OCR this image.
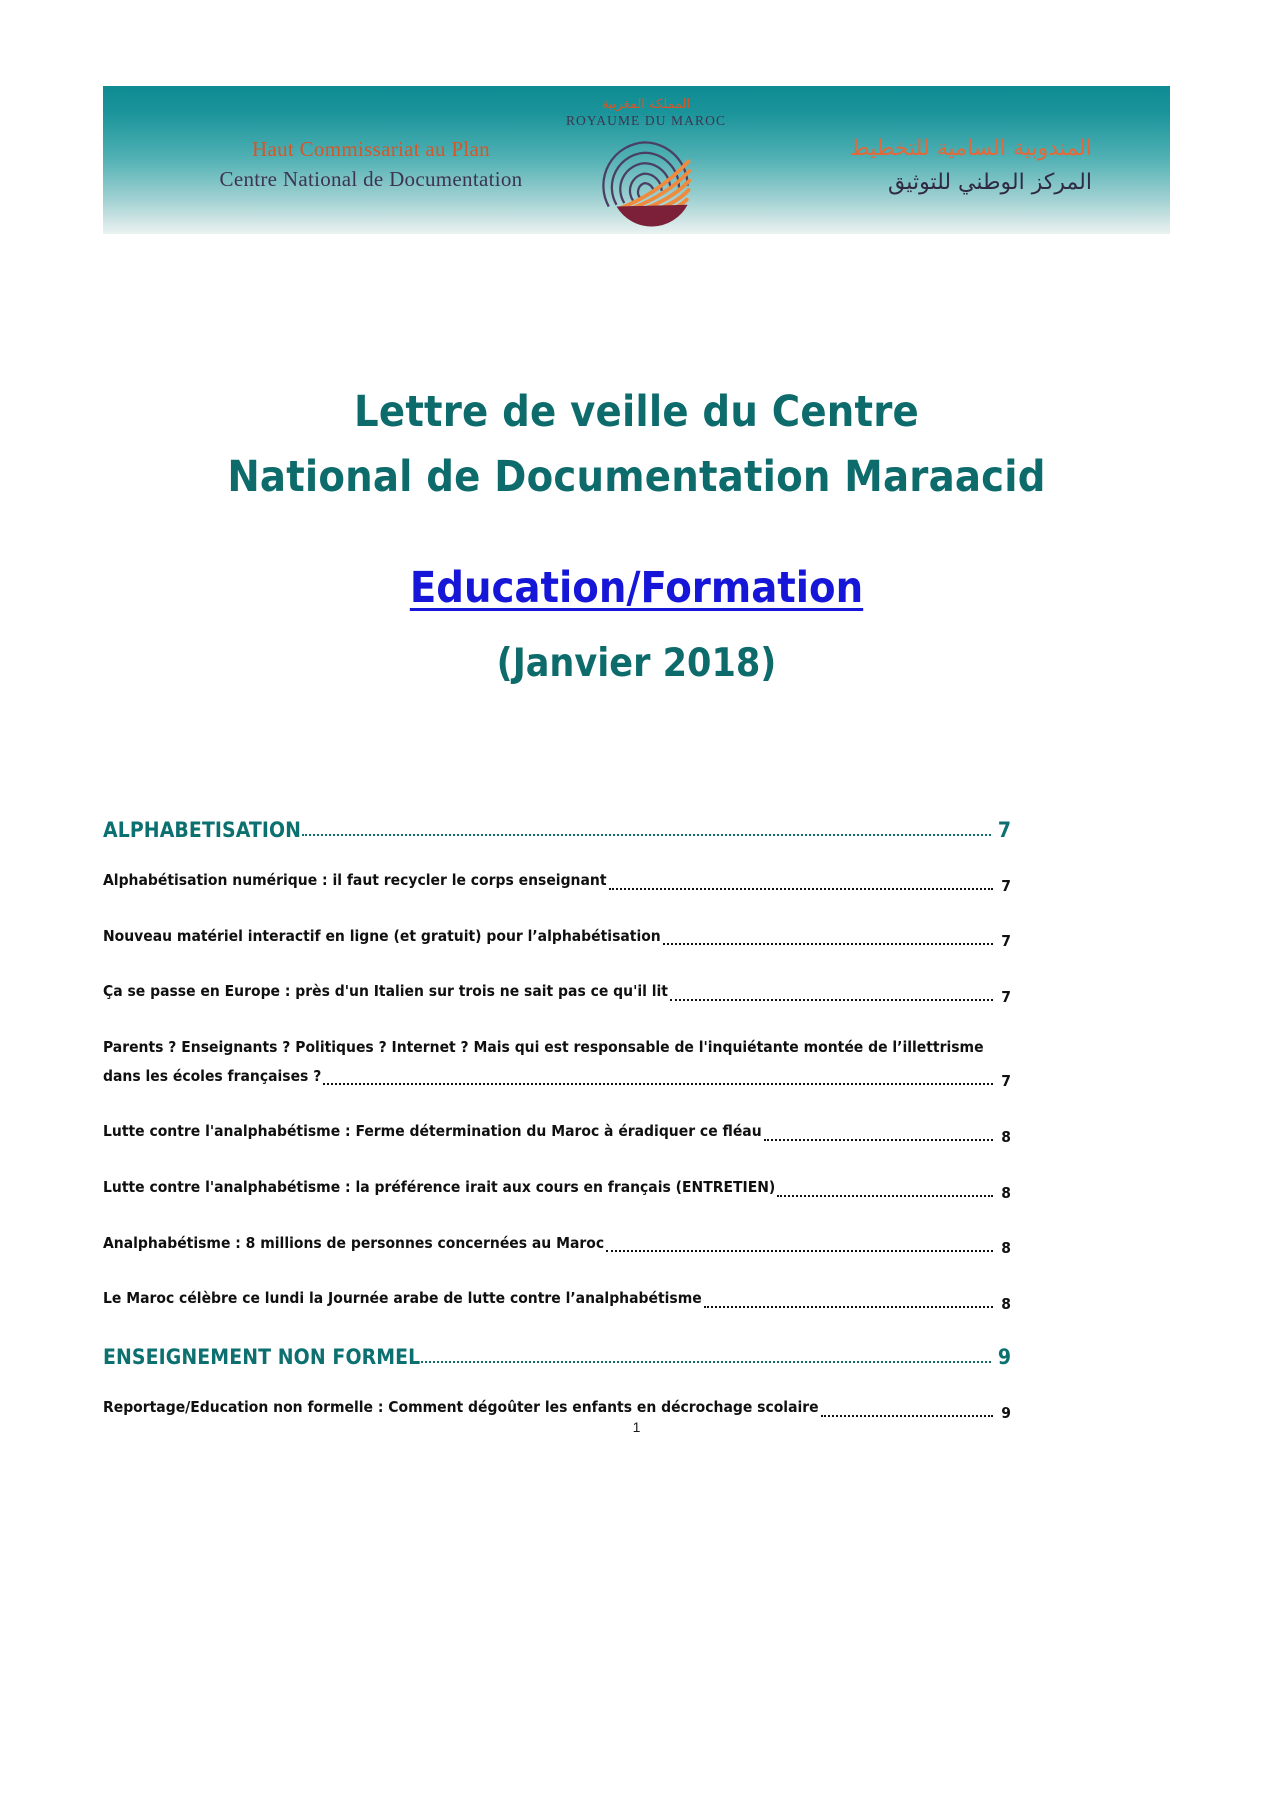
Haut Commissariat au Plan
Centre National de Documentation
المملكة المغربية
ROYAUME DU MAROC
المندوبية السامية للتخطيط
المركز الوطني للتوثيق
Lettre de veille du Centre
National de Documentation Maraacid
Education/Formation
(Janvier 2018)
ALPHABETISATION	7
Alphabétisation numérique : il faut recycler le corps enseignant	7
Nouveau matériel interactif en ligne (et gratuit) pour l’alphabétisation	7
Ça se passe en Europe : près d'un Italien sur trois ne sait pas ce qu'il lit	7
Parents ? Enseignants ? Politiques ? Internet ? Mais qui est responsable de l'inquiétante montée de l’illettrisme
dans les écoles françaises ?	7
Lutte contre l'analphabétisme : Ferme détermination du Maroc à éradiquer ce fléau	8
Lutte contre l'analphabétisme : la préférence irait aux cours en français (ENTRETIEN)	8
Analphabétisme : 8 millions de personnes concernées au Maroc	8
Le Maroc célèbre ce lundi la Journée arabe de lutte contre l’analphabétisme	8
ENSEIGNEMENT NON FORMEL	9
Reportage/Education non formelle : Comment dégoûter les enfants en décrochage scolaire	9
1
